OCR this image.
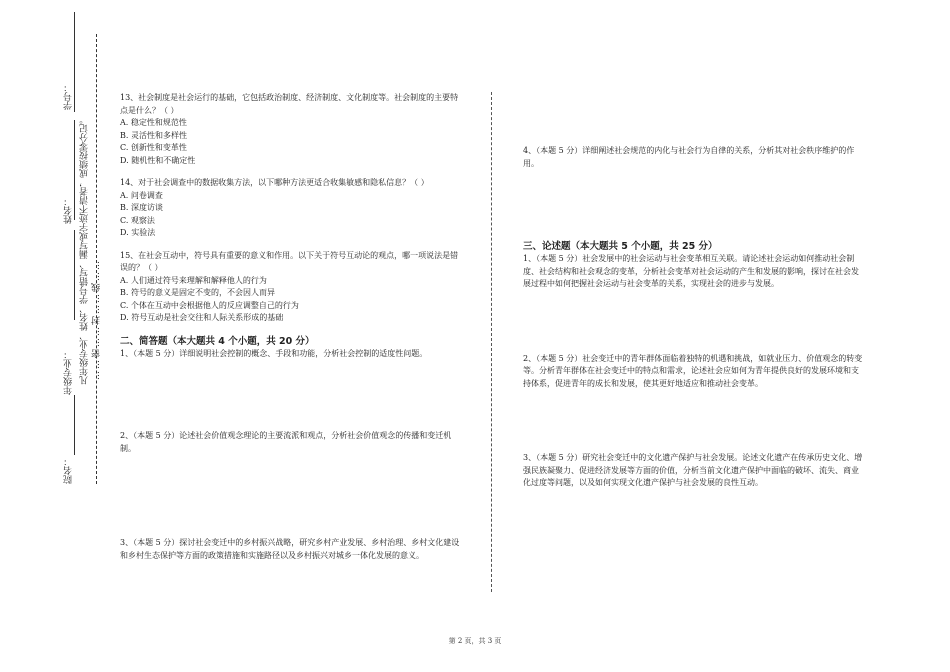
学号：
姓名：
年级专业：
院名：
凡年级专业、姓名、学号错写、漏写或字迹不清者，成绩按零分记。 ……密……封……线……

13、社会制度是社会运行的基础，它包括政治制度、经济制度、文化制度等。社会制度的主要特点是什么？（ ）

A. 稳定性和规范性

B. 灵活性和多样性

C. 创新性和变革性

D. 随机性和不确定性

14、对于社会调查中的数据收集方法，以下哪种方法更适合收集敏感和隐私信息？（ ）

A. 问卷调查

B. 深度访谈

C. 观察法

D. 实验法

15、在社会互动中，符号具有重要的意义和作用。以下关于符号互动论的观点，哪一项说法是错误的？（ ）

A. 人们通过符号来理解和解释他人的行为

B. 符号的意义是固定不变的，不会因人而异

C. 个体在互动中会根据他人的反应调整自己的行为

D. 符号互动是社会交往和人际关系形成的基础

二、简答题（本大题共 4 个小题，共 20 分）

1、（本题 5 分）详细说明社会控制的概念、手段和功能，分析社会控制的适度性问题。

2、（本题 5 分）论述社会价值观念理论的主要流派和观点，分析社会价值观念的传播和变迁机制。

3、（本题 5 分）探讨社会变迁中的乡村振兴战略，研究乡村产业发展、乡村治理、乡村文化建设和乡村生态保护等方面的政策措施和实施路径以及乡村振兴对城乡一体化发展的意义。

4、（本题 5 分）详细阐述社会规范的内化与社会行为自律的关系，分析其对社会秩序维护的作用。

三、论述题（本大题共 5 个小题，共 25 分）

1、（本题 5 分）社会发展中的社会运动与社会变革相互关联。请论述社会运动如何推动社会制度、社会结构和社会观念的变革，分析社会变革对社会运动的产生和发展的影响，探讨在社会发展过程中如何把握社会运动与社会变革的关系，实现社会的进步与发展。

2、（本题 5 分）社会变迁中的青年群体面临着独特的机遇和挑战，如就业压力、价值观念的转变等。分析青年群体在社会变迁中的特点和需求，论述社会应如何为青年提供良好的发展环境和支持体系，促进青年的成长和发展，使其更好地适应和推动社会变革。

3、（本题 5 分）研究社会变迁中的文化遗产保护与社会发展。论述文化遗产在传承历史文化、增强民族凝聚力、促进经济发展等方面的价值，分析当前文化遗产保护中面临的破坏、流失、商业化过度等问题，以及如何实现文化遗产保护与社会发展的良性互动。

第 2 页，共 3 页
